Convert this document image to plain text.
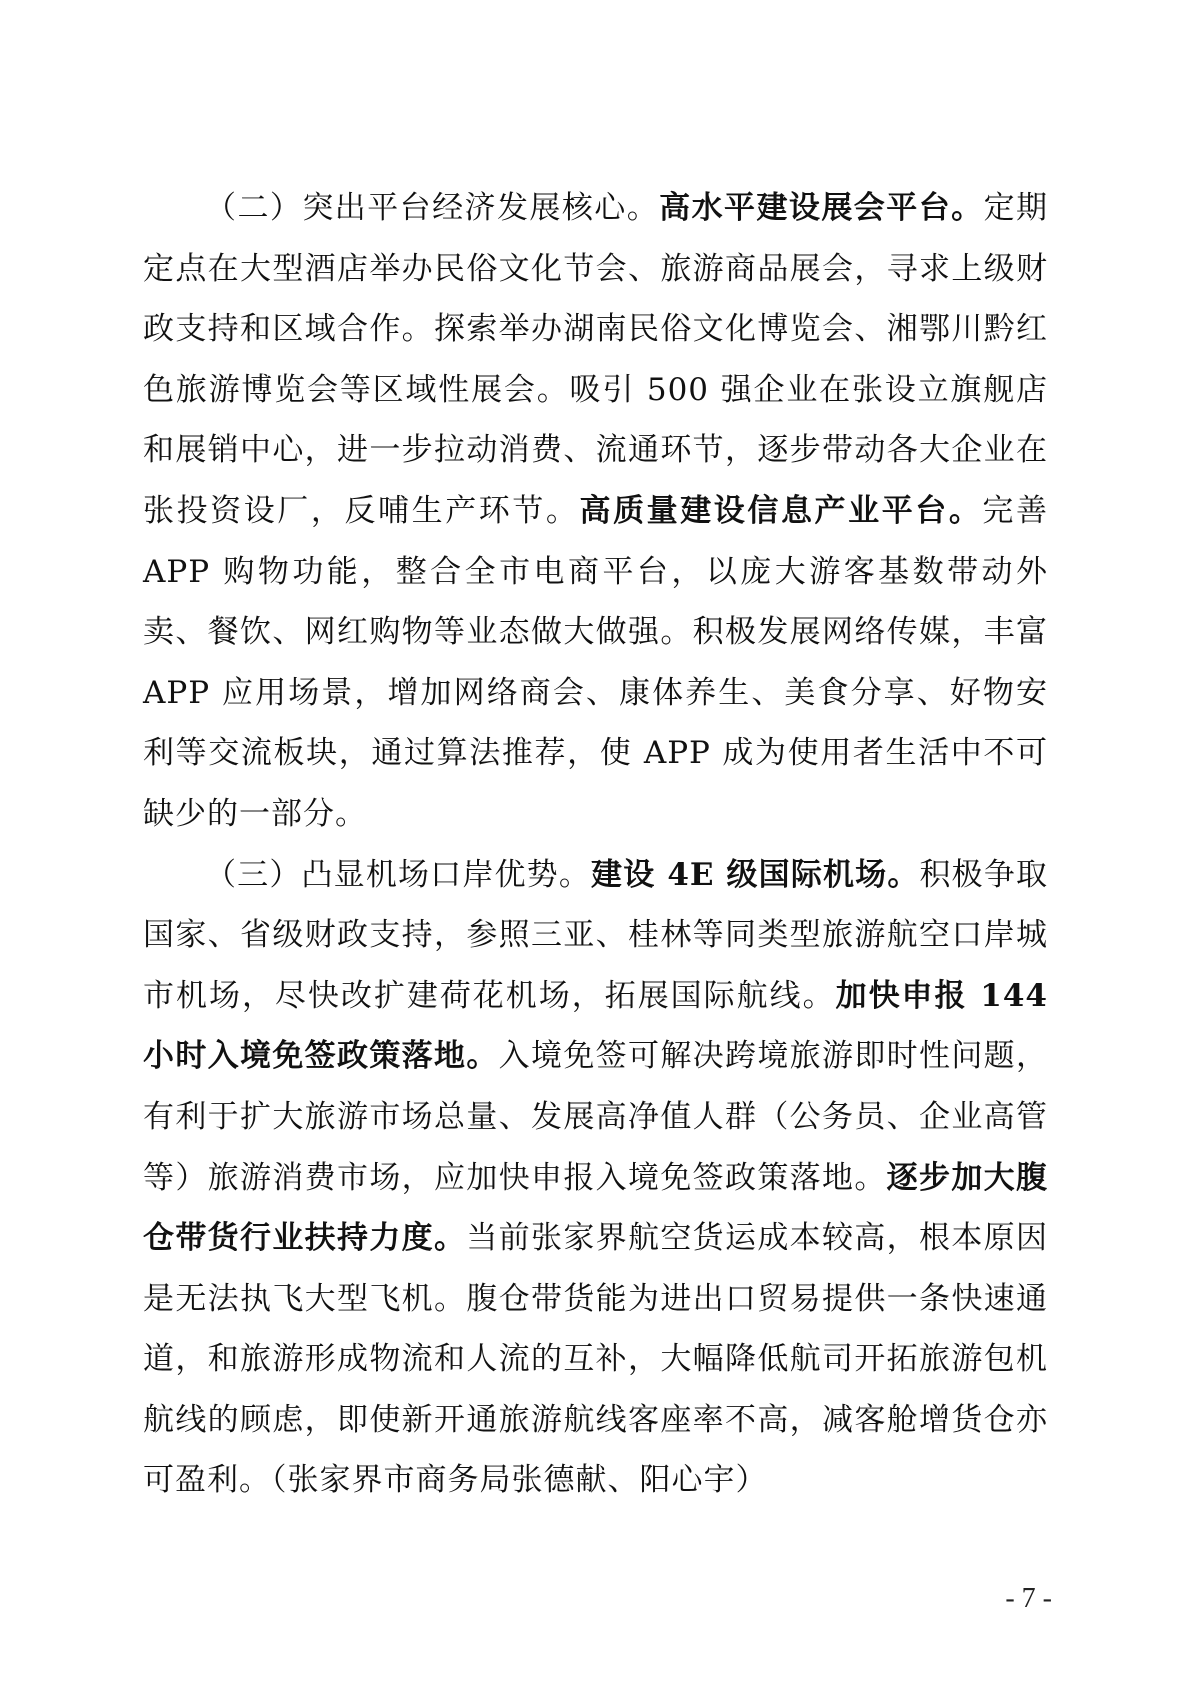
（二）突出平台经济发展核心。高水平建设展会平台。定期定点在大型酒店举办民俗文化节会、旅游商品展会，寻求上级财政支持和区域合作。探索举办湖南民俗文化博览会、湘鄂川黔红色旅游博览会等区域性展会。吸引 500 强企业在张设立旗舰店和展销中心，进一步拉动消费、流通环节，逐步带动各大企业在张投资设厂，反哺生产环节。高质量建设信息产业平台。完善 APP 购物功能，整合全市电商平台，以庞大游客基数带动外卖、餐饮、网红购物等业态做大做强。积极发展网络传媒，丰富 APP 应用场景，增加网络商会、康体养生、美食分享、好物安利等交流板块，通过算法推荐，使 APP 成为使用者生活中不可缺少的一部分。

（三）凸显机场口岸优势。建设 4E 级国际机场。积极争取国家、省级财政支持，参照三亚、桂林等同类型旅游航空口岸城市机场，尽快改扩建荷花机场，拓展国际航线。加快申报 144 小时入境免签政策落地。入境免签可解决跨境旅游即时性问题，有利于扩大旅游市场总量、发展高净值人群（公务员、企业高管等）旅游消费市场，应加快申报入境免签政策落地。逐步加大腹仓带货行业扶持力度。当前张家界航空货运成本较高，根本原因是无法执飞大型飞机。腹仓带货能为进出口贸易提供一条快速通道，和旅游形成物流和人流的互补，大幅降低航司开拓旅游包机航线的顾虑，即使新开通旅游航线客座率不高，减客舱增货仓亦可盈利。（张家界市商务局张德献、阳心宇）

- 7 -
